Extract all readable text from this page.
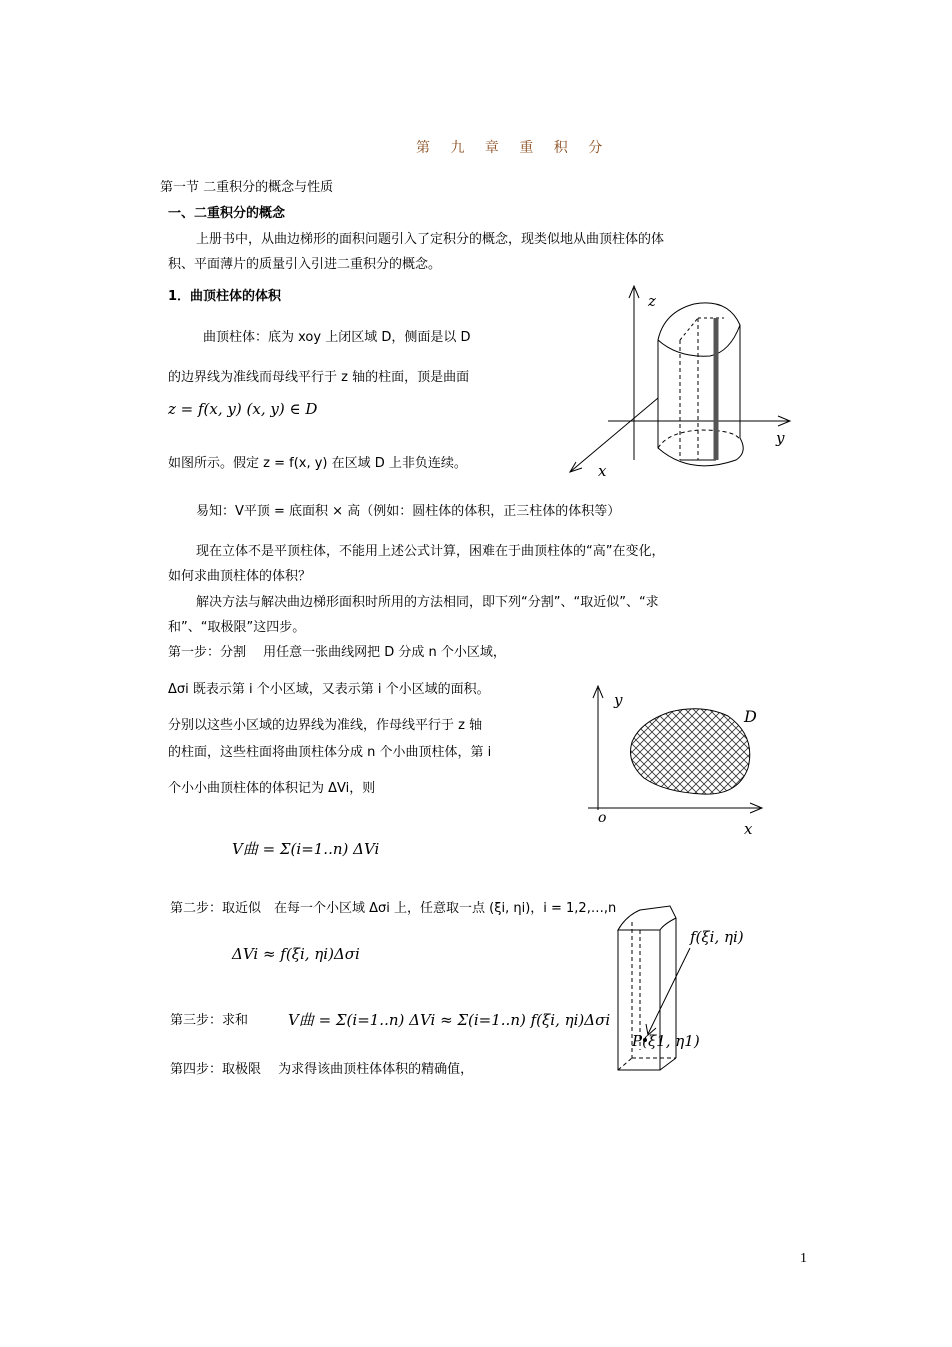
第 九 章 重 积 分
第一节 二重积分的概念与性质
一、二重积分的概念
上册书中，从曲边梯形的面积问题引入了定积分的概念，现类似地从曲顶柱体的体
积、平面薄片的质量引入引进二重积分的概念。
1．曲顶柱体的体积
曲顶柱体：底为 xoy 上闭区域 D，侧面是以 D
的边界线为准线而母线平行于 z 轴的柱面，顶是曲面
z = f(x, y) (x, y) ∈ D
如图所示。假定 z = f(x, y) 在区域 D 上非负连续。
易知：V平顶 = 底面积 × 高（例如：圆柱体的体积，正三柱体的体积等）
现在立体不是平顶柱体，不能用上述公式计算，困难在于曲顶柱体的“高”在变化，
如何求曲顶柱体的体积？
解决方法与解决曲边梯形面积时所用的方法相同，即下列“分割”、“取近似”、“求
和”、“取极限”这四步。
第一步：分割　 用任意一张曲线网把 D 分成 n 个小区域，
Δσi 既表示第 i 个小区域，又表示第 i 个小区域的面积。
分别以这些小区域的边界线为准线，作母线平行于 z 轴
的柱面，这些柱面将曲顶柱体分成 n 个小曲顶柱体，第 i
个小小曲顶柱体的体积记为 ΔVi，则
V曲 = Σ(i=1..n) ΔVi
第二步：取近似　在每一个小区域 Δσi 上，任意取一点 (ξi, ηi)，i = 1,2,…,n
ΔVi ≈ f(ξi, ηi)Δσi
第三步：求和	V曲 = Σ(i=1..n) ΔVi ≈ Σ(i=1..n) f(ξi, ηi)Δσi
第四步：取极限　 为求得该曲顶柱体体积的精确值，
1
z
y
x
y
x
o
D
f(ξi, ηi)
P(ξ1, η1)
